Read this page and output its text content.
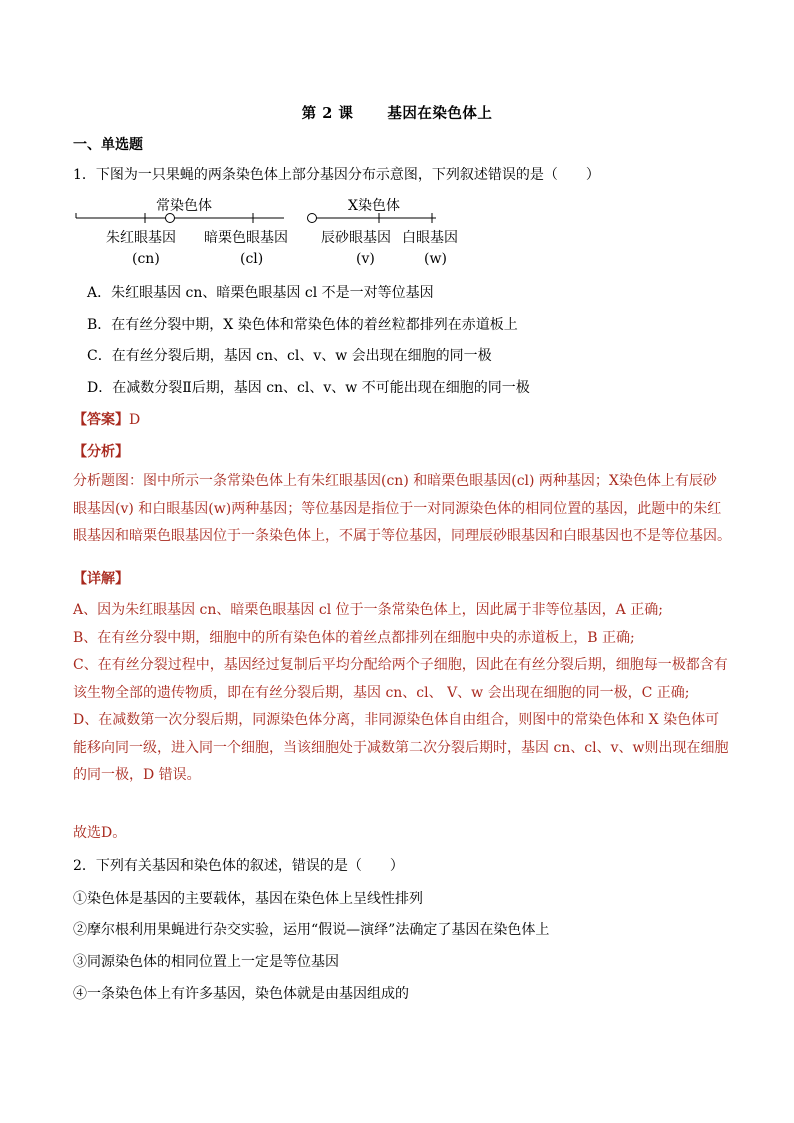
第 2 课 基因在染色体上
一、单选题
1．下图为一只果蝇的两条染色体上部分基因分布示意图，下列叙述错误的是（　　）
常染色体	X染色体
朱红眼基因
(cn)
暗栗色眼基因
(cl)
辰砂眼基因
(v)
白眼基因
(w)
A．朱红眼基因 cn、暗栗色眼基因 cl 不是一对等位基因
B．在有丝分裂中期，X 染色体和常染色体的着丝粒都排列在赤道板上
C．在有丝分裂后期，基因 cn、cl、v、w 会出现在细胞的同一极
D．在减数分裂Ⅱ后期，基因 cn、cl、v、w 不可能出现在细胞的同一极
【答案】D
【分析】
分析题图：图中所示一条常染色体上有朱红眼基因(cn) 和暗栗色眼基因(cl) 两种基因；X染色体上有辰砂
眼基因(v) 和白眼基因(w)两种基因；等位基因是指位于一对同源染色体的相同位置的基因，此题中的朱红
眼基因和暗栗色眼基因位于一条染色体上，不属于等位基因，同理辰砂眼基因和白眼基因也不是等位基因。
【详解】
A、因为朱红眼基因 cn、暗栗色眼基因 cl 位于一条常染色体上，因此属于非等位基因，A 正确;
B、在有丝分裂中期，细胞中的所有染色体的着丝点都排列在细胞中央的赤道板上，B 正确;
C、在有丝分裂过程中，基因经过复制后平均分配给两个子细胞，因此在有丝分裂后期，细胞每一极都含有
该生物全部的遗传物质，即在有丝分裂后期，基因 cn、cl、 V、w 会出现在细胞的同一极，C 正确;
D、在减数第一次分裂后期，同源染色体分离，非同源染色体自由组合，则图中的常染色体和 X 染色体可
能移向同一级，进入同一个细胞，当该细胞处于减数第二次分裂后期时，基因 cn、cl、v、w则出现在细胞
的同一极，D 错误。
故选D。
2．下列有关基因和染色体的叙述，错误的是（　　）
①染色体是基因的主要载体，基因在染色体上呈线性排列
②摩尔根利用果蝇进行杂交实验，运用“假说—演绎”法确定了基因在染色体上
③同源染色体的相同位置上一定是等位基因
④一条染色体上有许多基因，染色体就是由基因组成的
